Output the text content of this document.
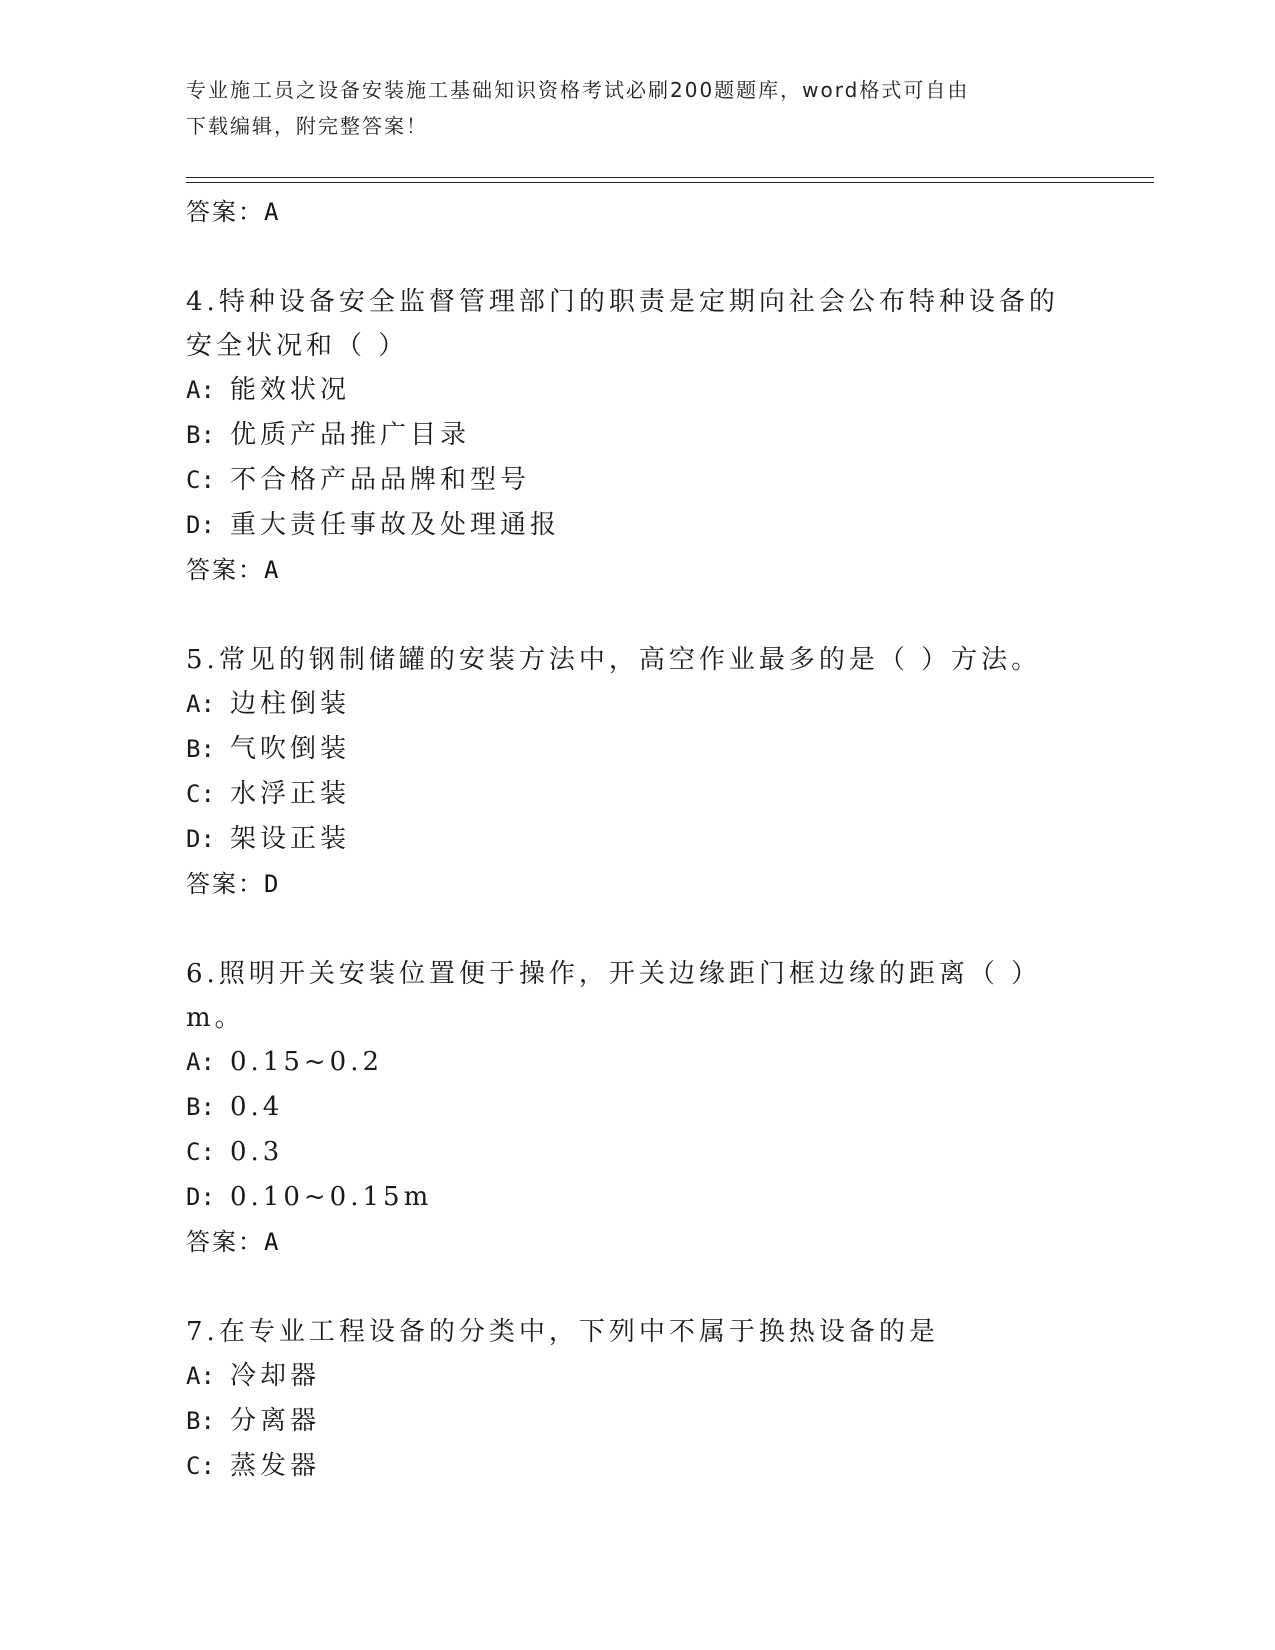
专业施工员之设备安装施工基础知识资格考试必刷200题题库，word格式可自由
下载编辑，附完整答案！
答案：A
4.特种设备安全监督管理部门的职责是定期向社会公布特种设备的安全状况和（ ）
A: 能效状况
B: 优质产品推广目录
C: 不合格产品品牌和型号
D: 重大责任事故及处理通报
答案：A
5.常见的钢制储罐的安装方法中，高空作业最多的是（ ）方法。
A: 边柱倒装
B: 气吹倒装
C: 水浮正装
D: 架设正装
答案：D
6.照明开关安装位置便于操作，开关边缘距门框边缘的距离（ ）m。
A: 0.15~0.2
B: 0.4
C: 0.3
D: 0.10~0.15m
答案：A
7.在专业工程设备的分类中，下列中不属于换热设备的是
A: 冷却器
B: 分离器
C: 蒸发器
